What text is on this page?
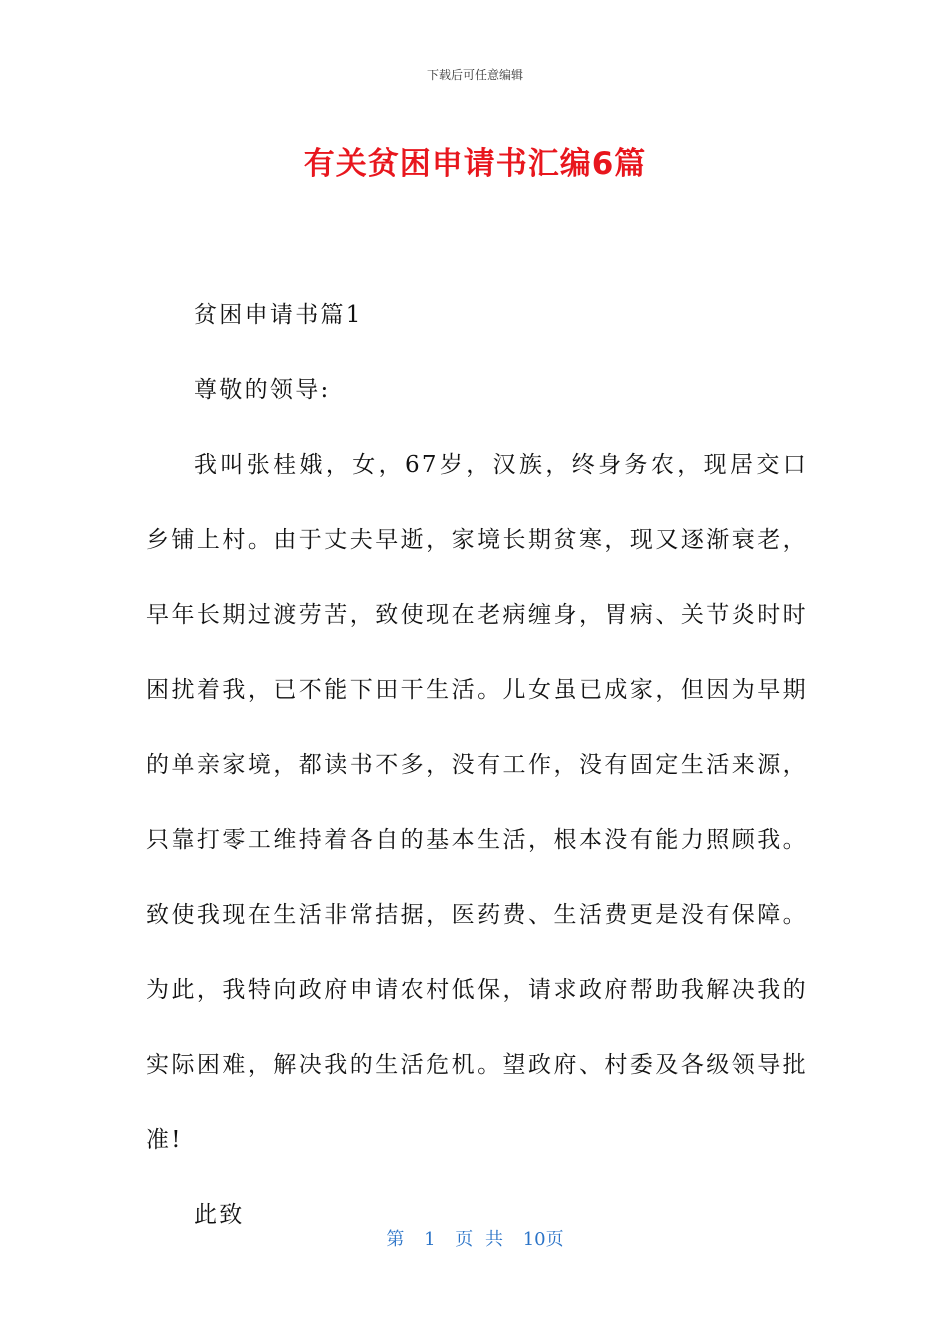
下载后可任意编辑
有关贫困申请书汇编6篇

贫困申请书篇1

尊敬的领导:

我叫张桂娥，女，67岁，汉族，终身务农，现居交口乡铺上村。由于丈夫早逝，家境长期贫寒，现又逐渐衰老，早年长期过渡劳苦，致使现在老病缠身，胃病、关节炎时时困扰着我，已不能下田干生活。儿女虽已成家，但因为早期的单亲家境，都读书不多，没有工作，没有固定生活来源，只靠打零工维持着各自的基本生活，根本没有能力照顾我。致使我现在生活非常拮据，医药费、生活费更是没有保障。为此，我特向政府申请农村低保，请求政府帮助我解决我的实际困难，解决我的生活危机。望政府、村委及各级领导批准!

此致

第 1 页 共 10页
